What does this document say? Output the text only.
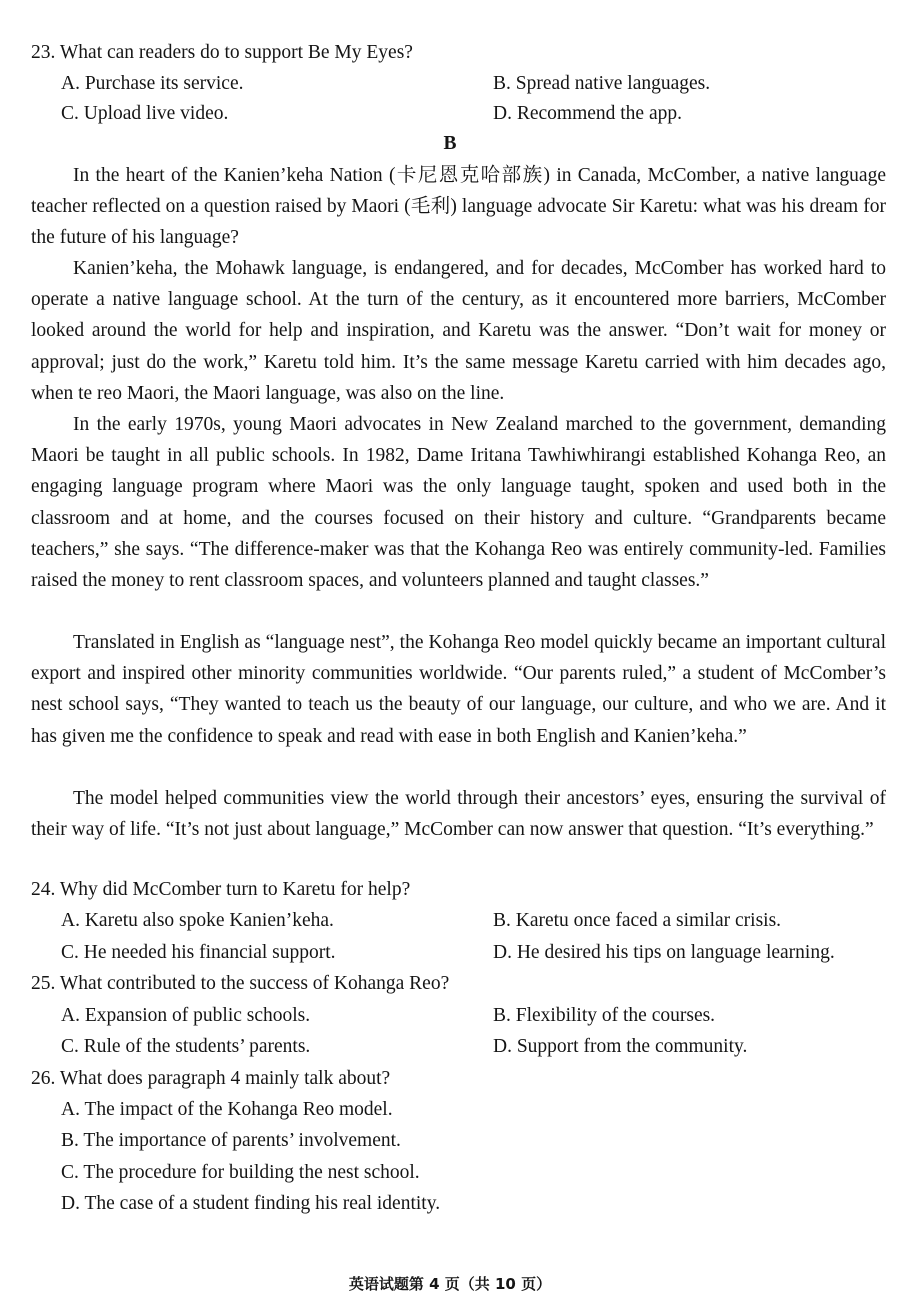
23. What can readers do to support Be My Eyes?
A. Purchase its service.	B. Spread native languages.
C. Upload live video.	D. Recommend the app.
B

In the heart of the Kanien’keha Nation (卡尼恩克哈部族) in Canada, McComber, a native language teacher reflected on a question raised by Maori (毛利) language advocate Sir Karetu: what was his dream for the future of his language?

Kanien’keha, the Mohawk language, is endangered, and for decades, McComber has worked hard to operate a native language school. At the turn of the century, as it encountered more barriers, McComber looked around the world for help and inspiration, and Karetu was the answer. “Don’t wait for money or approval; just do the work,” Karetu told him. It’s the same message Karetu carried with him decades ago, when te reo Maori, the Maori language, was also on the line.

In the early 1970s, young Maori advocates in New Zealand marched to the government, demanding Maori be taught in all public schools. In 1982, Dame Iritana Tawhiwhirangi established Kohanga Reo, an engaging language program where Maori was the only language taught, spoken and used both in the classroom and at home, and the courses focused on their history and culture. “Grandparents became teachers,” she says. “The difference-maker was that the Kohanga Reo was entirely community-led. Families raised the money to rent classroom spaces, and volunteers planned and taught classes.”

Translated in English as “language nest”, the Kohanga Reo model quickly became an important cultural export and inspired other minority communities worldwide. “Our parents ruled,” a student of McComber’s nest school says, “They wanted to teach us the beauty of our language, our culture, and who we are. And it has given me the confidence to speak and read with ease in both English and Kanien’keha.”

The model helped communities view the world through their ancestors’ eyes, ensuring the survival of their way of life. “It’s not just about language,” McComber can now answer that question. “It’s everything.”

24. Why did McComber turn to Karetu for help?
A. Karetu also spoke Kanien’keha.	B. Karetu once faced a similar crisis.
C. He needed his financial support.	D. He desired his tips on language learning.
25. What contributed to the success of Kohanga Reo?
A. Expansion of public schools.	B. Flexibility of the courses.
C. Rule of the students’ parents.	D. Support from the community.
26. What does paragraph 4 mainly talk about?
A. The impact of the Kohanga Reo model.
B. The importance of parents’ involvement.
C. The procedure for building the nest school.
D. The case of a student finding his real identity.
英语试题第 4 页（共 10 页）
